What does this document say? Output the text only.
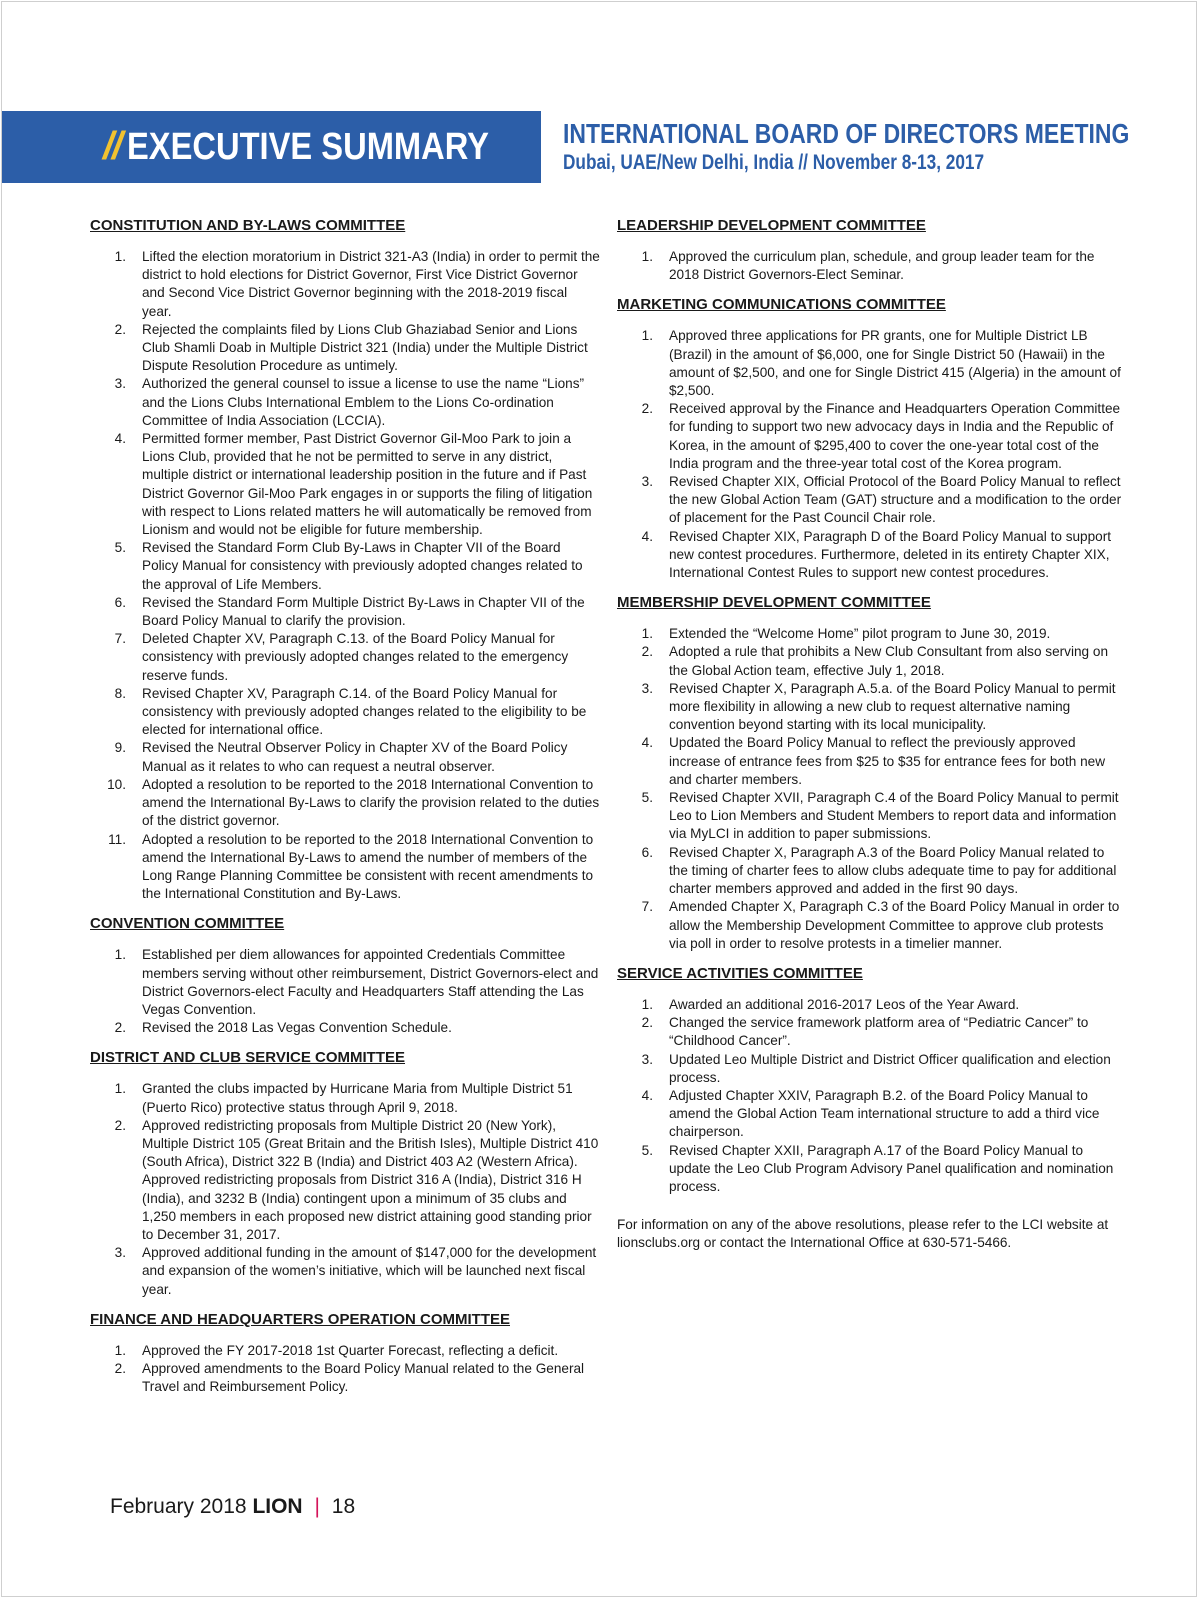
// EXECUTIVE SUMMARY	INTERNATIONAL BOARD OF DIRECTORS MEETING
Dubai, UAE/New Delhi, India // November 8-13, 2017
CONSTITUTION AND BY-LAWS COMMITTEE
1. Lifted the election moratorium in District 321-A3 (India) in order to permit the district to hold elections for District Governor, First Vice District Governor and Second Vice District Governor beginning with the 2018-2019 fiscal year.
2. Rejected the complaints filed by Lions Club Ghaziabad Senior and Lions Club Shamli Doab in Multiple District 321 (India) under the Multiple District Dispute Resolution Procedure as untimely.
3. Authorized the general counsel to issue a license to use the name “Lions” and the Lions Clubs International Emblem to the Lions Co-ordination Committee of India Association (LCCIA).
4. Permitted former member, Past District Governor Gil-Moo Park to join a Lions Club, provided that he not be permitted to serve in any district, multiple district or international leadership position in the future and if Past District Governor Gil-Moo Park engages in or supports the filing of litigation with respect to Lions related matters he will automatically be removed from Lionism and would not be eligible for future membership.
5. Revised the Standard Form Club By-Laws in Chapter VII of the Board Policy Manual for consistency with previously adopted changes related to the approval of Life Members.
6. Revised the Standard Form Multiple District By-Laws in Chapter VII of the Board Policy Manual to clarify the provision.
7. Deleted Chapter XV, Paragraph C.13. of the Board Policy Manual for consistency with previously adopted changes related to the emergency reserve funds.
8. Revised Chapter XV, Paragraph C.14. of the Board Policy Manual for consistency with previously adopted changes related to the eligibility to be elected for international office.
9. Revised the Neutral Observer Policy in Chapter XV of the Board Policy Manual as it relates to who can request a neutral observer.
10. Adopted a resolution to be reported to the 2018 International Convention to amend the International By-Laws to clarify the provision related to the duties of the district governor.
11. Adopted a resolution to be reported to the 2018 International Convention to amend the International By-Laws to amend the number of members of the Long Range Planning Committee be consistent with recent amendments to the International Constitution and By-Laws.
CONVENTION COMMITTEE
1. Established per diem allowances for appointed Credentials Committee members serving without other reimbursement, District Governors-elect and District Governors-elect Faculty and Headquarters Staff attending the Las Vegas Convention.
2. Revised the 2018 Las Vegas Convention Schedule.
DISTRICT AND CLUB SERVICE COMMITTEE
1. Granted the clubs impacted by Hurricane Maria from Multiple District 51 (Puerto Rico) protective status through April 9, 2018.
2. Approved redistricting proposals from Multiple District 20 (New York), Multiple District 105 (Great Britain and the British Isles), Multiple District 410 (South Africa), District 322 B (India) and District 403 A2 (Western Africa). Approved redistricting proposals from District 316 A (India), District 316 H (India), and 3232 B (India) contingent upon a minimum of 35 clubs and 1,250 members in each proposed new district attaining good standing prior to December 31, 2017.
3. Approved additional funding in the amount of $147,000 for the development and expansion of the women’s initiative, which will be launched next fiscal year.
FINANCE AND HEADQUARTERS OPERATION COMMITTEE
1. Approved the FY 2017-2018 1st Quarter Forecast, reflecting a deficit.
2. Approved amendments to the Board Policy Manual related to the General Travel and Reimbursement Policy.
LEADERSHIP DEVELOPMENT COMMITTEE
1. Approved the curriculum plan, schedule, and group leader team for the 2018 District Governors-Elect Seminar.
MARKETING COMMUNICATIONS COMMITTEE
1. Approved three applications for PR grants, one for Multiple District LB (Brazil) in the amount of $6,000, one for Single District 50 (Hawaii) in the amount of $2,500, and one for Single District 415 (Algeria) in the amount of $2,500.
2. Received approval by the Finance and Headquarters Operation Committee for funding to support two new advocacy days in India and the Republic of Korea, in the amount of $295,400 to cover the one-year total cost of the India program and the three-year total cost of the Korea program.
3. Revised Chapter XIX, Official Protocol of the Board Policy Manual to reflect the new Global Action Team (GAT) structure and a modification to the order of placement for the Past Council Chair role.
4. Revised Chapter XIX, Paragraph D of the Board Policy Manual to support new contest procedures. Furthermore, deleted in its entirety Chapter XIX, International Contest Rules to support new contest procedures.
MEMBERSHIP DEVELOPMENT COMMITTEE
1. Extended the “Welcome Home” pilot program to June 30, 2019.
2. Adopted a rule that prohibits a New Club Consultant from also serving on the Global Action team, effective July 1, 2018.
3. Revised Chapter X, Paragraph A.5.a. of the Board Policy Manual to permit more flexibility in allowing a new club to request alternative naming convention beyond starting with its local municipality.
4. Updated the Board Policy Manual to reflect the previously approved increase of entrance fees from $25 to $35 for entrance fees for both new and charter members.
5. Revised Chapter XVII, Paragraph C.4 of the Board Policy Manual to permit Leo to Lion Members and Student Members to report data and information via MyLCI in addition to paper submissions.
6. Revised Chapter X, Paragraph A.3 of the Board Policy Manual related to the timing of charter fees to allow clubs adequate time to pay for additional charter members approved and added in the first 90 days.
7. Amended Chapter X, Paragraph C.3 of the Board Policy Manual in order to allow the Membership Development Committee to approve club protests via poll in order to resolve protests in a timelier manner.
SERVICE ACTIVITIES COMMITTEE
1. Awarded an additional 2016-2017 Leos of the Year Award.
2. Changed the service framework platform area of “Pediatric Cancer” to “Childhood Cancer”.
3. Updated Leo Multiple District and District Officer qualification and election process.
4. Adjusted Chapter XXIV, Paragraph B.2. of the Board Policy Manual to amend the Global Action Team international structure to add a third vice chairperson.
5. Revised Chapter XXII, Paragraph A.17 of the Board Policy Manual to update the Leo Club Program Advisory Panel qualification and nomination process.
For information on any of the above resolutions, please refer to the LCI website at lionsclubs.org or contact the International Office at 630-571-5466.
February 2018 LION | 18
